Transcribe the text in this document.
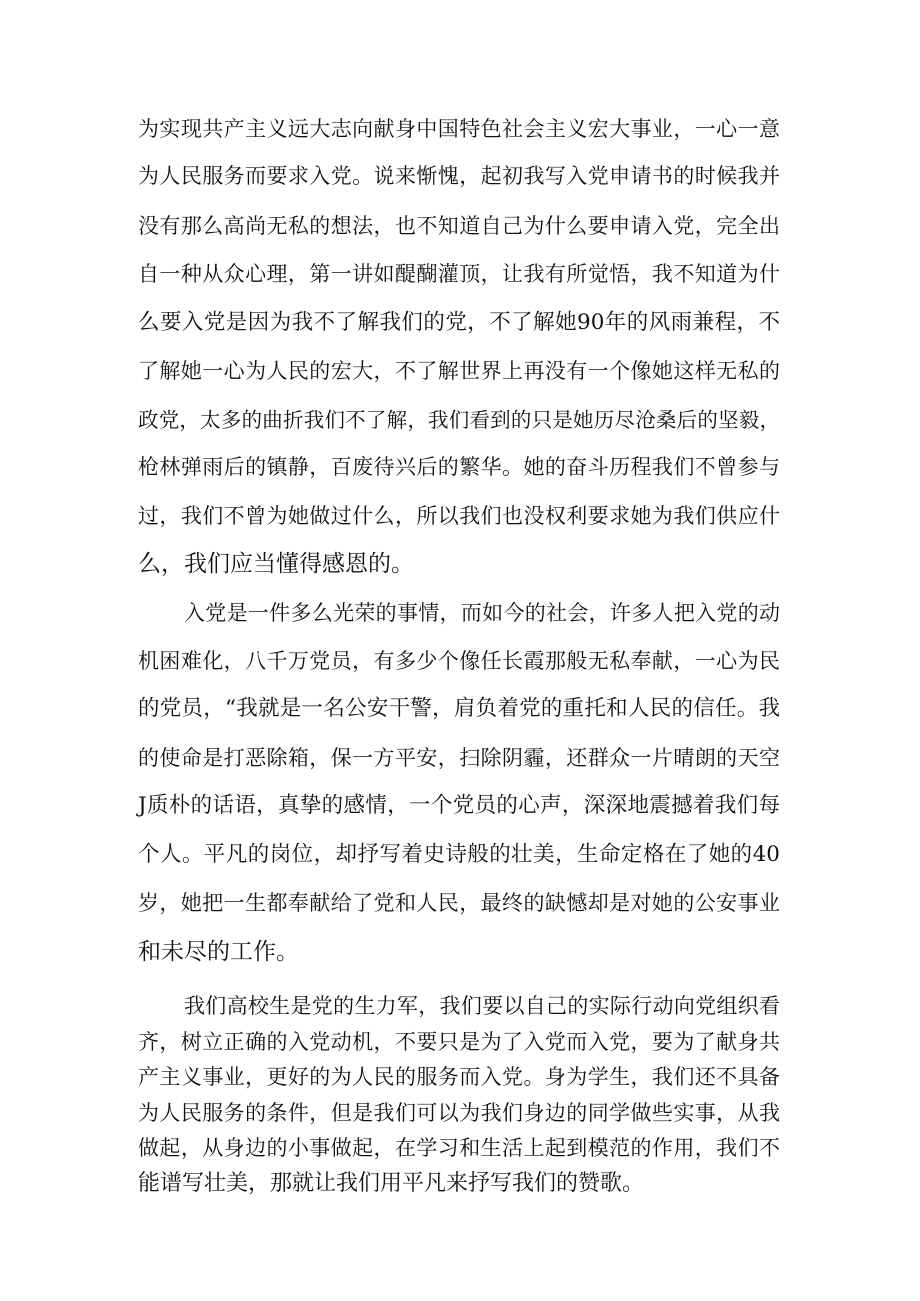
为实现共产主义远大志向献身中国特色社会主义宏大事业，一心一意
为人民服务而要求入党。说来惭愧，起初我写入党申请书的时候我并
没有那么高尚无私的想法，也不知道自己为什么要申请入党，完全出
自一种从众心理，第一讲如醍醐灌顶，让我有所觉悟，我不知道为什
么要入党是因为我不了解我们的党，不了解她90年的风雨兼程，不
了解她一心为人民的宏大，不了解世界上再没有一个像她这样无私的
政党，太多的曲折我们不了解，我们看到的只是她历尽沧桑后的坚毅，
枪林弹雨后的镇静，百废待兴后的繁华。她的奋斗历程我们不曾参与
过，我们不曾为她做过什么，所以我们也没权利要求她为我们供应什
么，我们应当懂得感恩的。
入党是一件多么光荣的事情，而如今的社会，许多人把入党的动
机困难化，八千万党员，有多少个像任长霞那般无私奉献，一心为民
的党员，“我就是一名公安干警，肩负着党的重托和人民的信任。我
的使命是打恶除箱，保一方平安，扫除阴霾，还群众一片晴朗的天空
J质朴的话语，真挚的感情，一个党员的心声，深深地震撼着我们每
个人。平凡的岗位，却抒写着史诗般的壮美，生命定格在了她的40
岁，她把一生都奉献给了党和人民，最终的缺憾却是对她的公安事业
和未尽的工作。
我们高校生是党的生力军，我们要以自己的实际行动向党组织看
齐，树立正确的入党动机，不要只是为了入党而入党，要为了献身共
产主义事业，更好的为人民的服务而入党。身为学生，我们还不具备
为人民服务的条件，但是我们可以为我们身边的同学做些实事，从我
做起，从身边的小事做起，在学习和生活上起到模范的作用，我们不
能谱写壮美，那就让我们用平凡来抒写我们的赞歌。
